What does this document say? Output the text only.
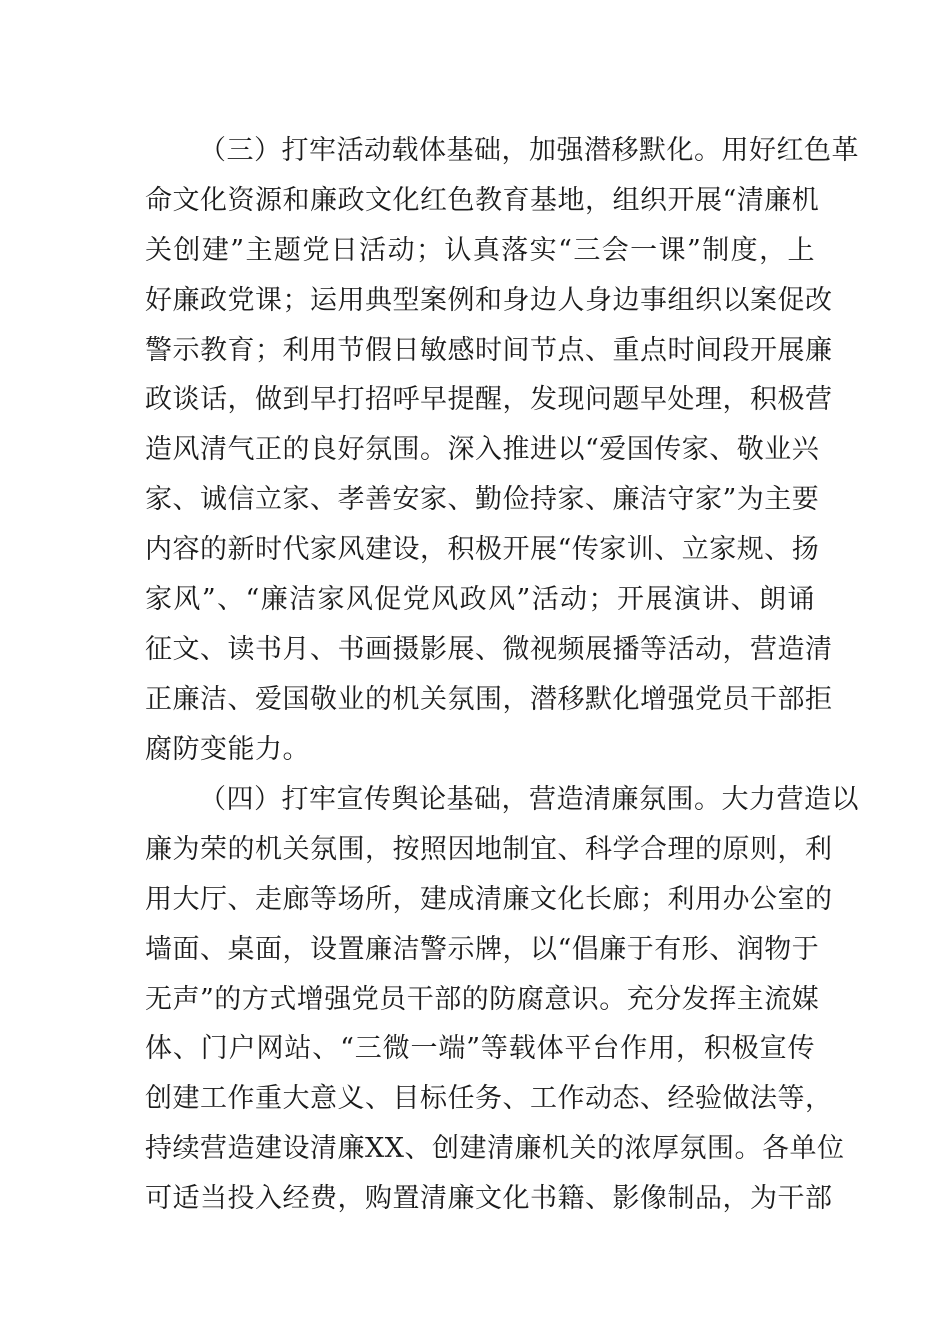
（三）打牢活动载体基础，加强潜移默化。用好红色革
命文化资源和廉政文化红色教育基地，组织开展“清廉机
关创建”主题党日活动；认真落实“三会一课”制度，上
好廉政党课；运用典型案例和身边人身边事组织以案促改
警示教育；利用节假日敏感时间节点、重点时间段开展廉
政谈话，做到早打招呼早提醒，发现问题早处理，积极营
造风清气正的良好氛围。深入推进以“爱国传家、敬业兴
家、诚信立家、孝善安家、勤俭持家、廉洁守家”为主要
内容的新时代家风建设，积极开展“传家训、立家规、扬
家风”、“廉洁家风促党风政风”活动；开展演讲、朗诵
征文、读书月、书画摄影展、微视频展播等活动，营造清
正廉洁、爱国敬业的机关氛围，潜移默化增强党员干部拒
腐防变能力。
（四）打牢宣传舆论基础，营造清廉氛围。大力营造以
廉为荣的机关氛围，按照因地制宜、科学合理的原则，利
用大厅、走廊等场所，建成清廉文化长廊；利用办公室的
墙面、桌面，设置廉洁警示牌，以“倡廉于有形、润物于
无声”的方式增强党员干部的防腐意识。充分发挥主流媒
体、门户网站、“三微一端”等载体平台作用，积极宣传
创建工作重大意义、目标任务、工作动态、经验做法等，
持续营造建设清廉XX、创建清廉机关的浓厚氛围。各单位
可适当投入经费，购置清廉文化书籍、影像制品，为干部
